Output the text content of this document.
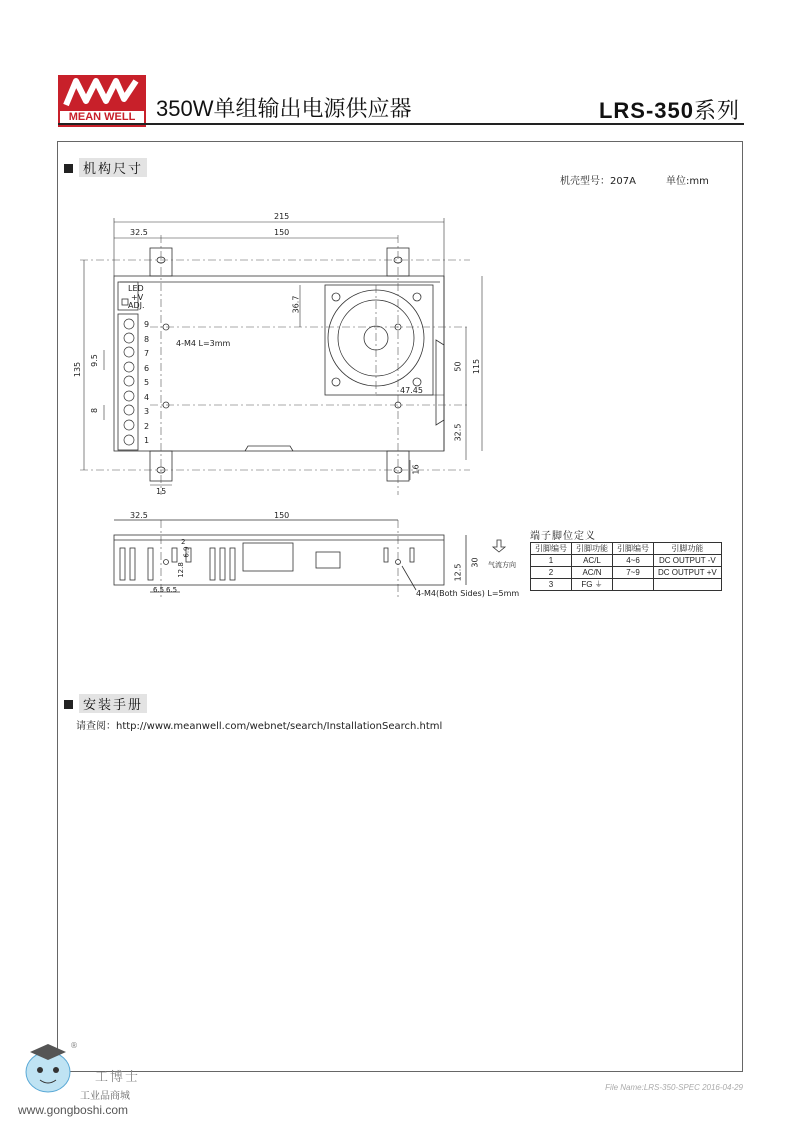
MEAN WELL 350W单组输出电源供应器	LRS-350系列
机构尺寸
机壳型号：207A	单位:mm
215
32.5	150
135
36.7
47.45
50 115
32.5
16
15
9.5
8
4-M4 L=3mm
LED
+V
ADJ.
9
8
7
6
5
4
3
2
1
32.5	150
2
6.9
12.8
6.5 6.5
30
12.5
4-M4(Both Sides) L=5mm
气流方向
端子脚位定义
引脚编号	引脚功能	引脚编号	引脚功能
1	AC/L	4~6	DC OUTPUT -V
2	AC/N	7~9	DC OUTPUT +V
3	FG ⏚		
安装手册
请查阅：http://www.meanwell.com/webnet/search/InstallationSearch.html
®
工博士
工业品商城
www.gongboshi.com
File Name:LRS-350-SPEC 2016-04-29
